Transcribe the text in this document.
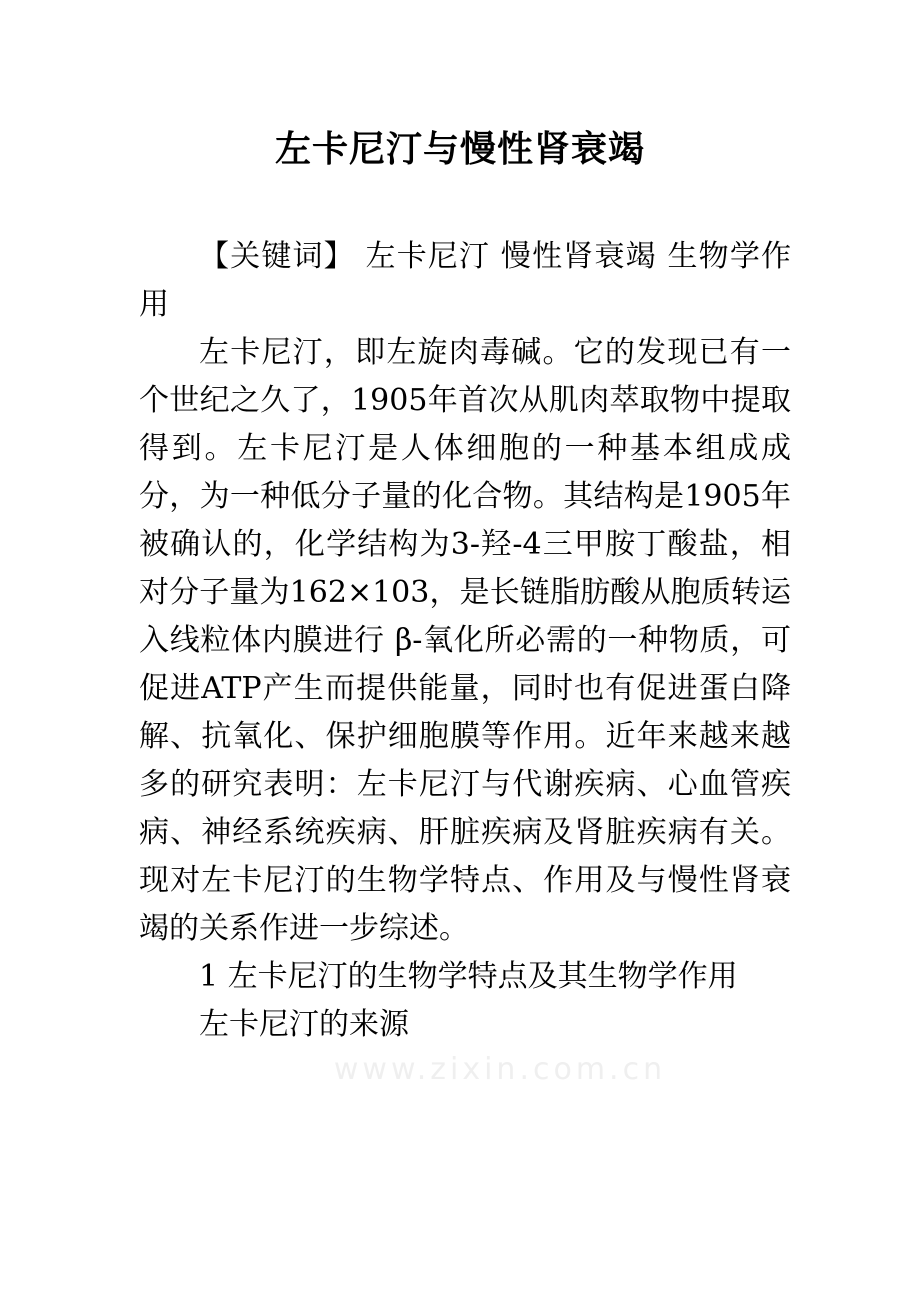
左卡尼汀与慢性肾衰竭

【关键词】 左卡尼汀 慢性肾衰竭 生物学作用

左卡尼汀，即左旋肉毒碱。它的发现已有一个世纪之久了，1905年首次从肌肉萃取物中提取得到。左卡尼汀是人体细胞的一种基本组成成分，为一种低分子量的化合物。其结构是1905年被确认的，化学结构为3-羟-4三甲胺丁酸盐，相对分子量为162×103，是长链脂肪酸从胞质转运入线粒体内膜进行 β-氧化所必需的一种物质，可促进ATP产生而提供能量，同时也有促进蛋白降解、抗氧化、保护细胞膜等作用。近年来越来越多的研究表明：左卡尼汀与代谢疾病、心血管疾病、神经系统疾病、肝脏疾病及肾脏疾病有关。现对左卡尼汀的生物学特点、作用及与慢性肾衰竭的关系作进一步综述。

1 左卡尼汀的生物学特点及其生物学作用

左卡尼汀的来源

www.zixin.com.cn
